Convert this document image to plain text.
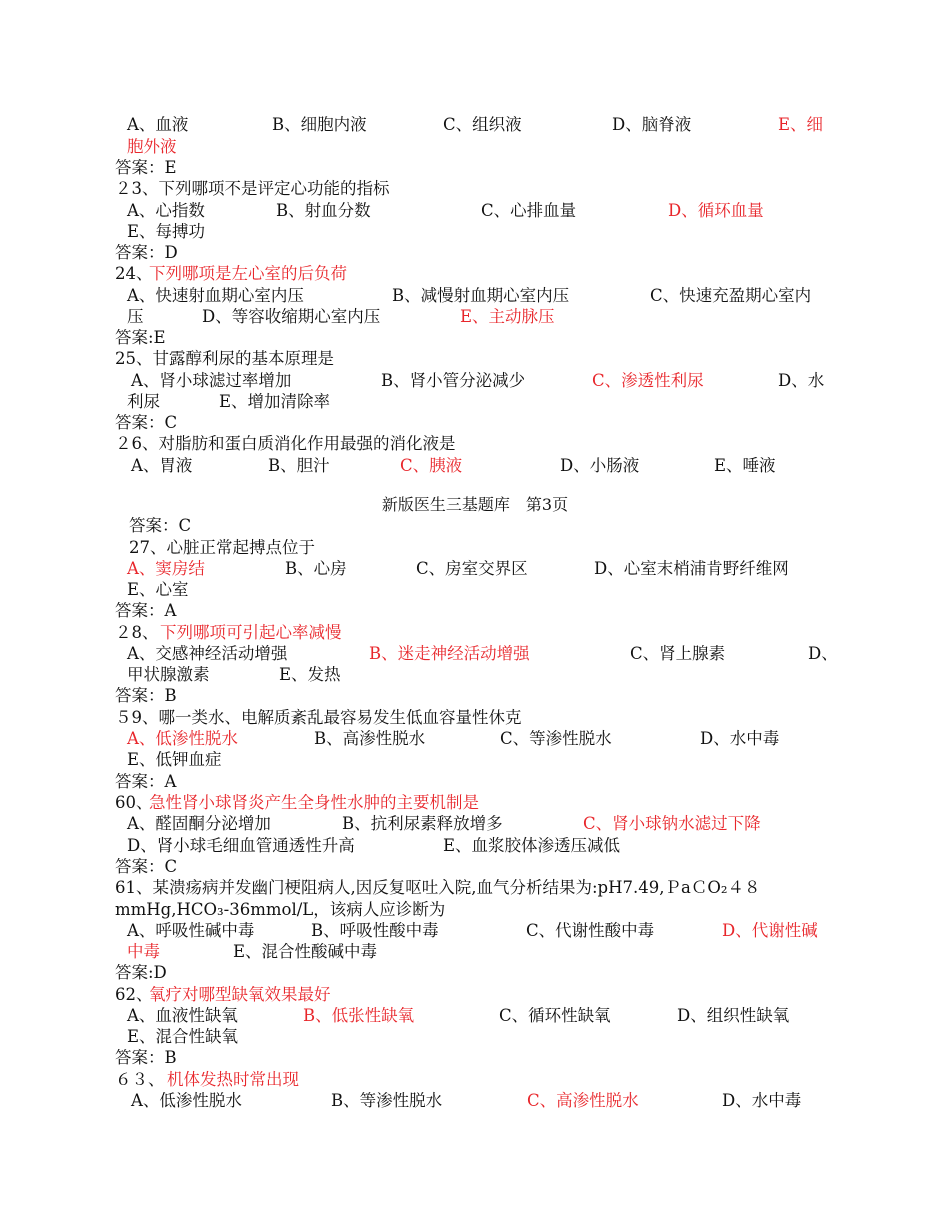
A、血液	B、细胞内液	C、组织液	D、脑脊液	E、细
胞外液
答案：E
２3、下列哪项不是评定心功能的指标
A、心指数	B、射血分数	C、心排血量	D、循环血量
E、每搏功
答案：D
24、
下列哪项是左心室的后负荷
A、快速射血期心室内压	B、减慢射血期心室内压	C、快速充盈期心室内
压	D、等容收缩期心室内压	E、主动脉压
答案:E
25、甘露醇利尿的基本原理是
A、肾小球滤过率增加	B、肾小管分泌减少	C、渗透性利尿	D、水
利尿	E、增加清除率
答案：C
２6、对脂肪和蛋白质消化作用最强的消化液是
A、胃液	B、胆汁	C、胰液	D、小肠液	E、唾液
新版医生三基题库　第3页
答案：C
27、心脏正常起搏点位于
A、窦房结	B、心房	C、房室交界区	D、心室末梢浦肯野纤维网
E、心室
答案：A
２8、 下列哪项可引起心率减慢
A、交感神经活动增强	B、迷走神经活动增强	C、肾上腺素	D、
甲状腺激素	E、发热
答案：B
５9、哪一类水、电解质紊乱最容易发生低血容量性休克
A、低渗性脱水	B、高渗性脱水	C、等渗性脱水	D、水中毒
E、低钾血症
答案：A
60、
急性肾小球肾炎产生全身性水肿的主要机制是
A、醛固酮分泌增加	B、抗利尿素释放增多	C、肾小球钠水滤过下降
D、肾小球毛细血管通透性升高	E、血浆胶体渗透压减低
答案：C
61、某溃疡病并发幽门梗阻病人,因反复呕吐入院,血气分析结果为:pH7.49,ＰaＣO₂４８
mmHg,HCO₃-36mmol/L，该病人应诊断为
A、呼吸性碱中毒	B、呼吸性酸中毒	C、代谢性酸中毒	D、代谢性碱
中毒	E、混合性酸碱中毒
答案:D
62、
氧疗对哪型缺氧效果最好
A、血液性缺氧	B、低张性缺氧	C、循环性缺氧	D、组织性缺氧
E、混合性缺氧
答案：B
６３、 机体发热时常出现
A、低渗性脱水	B、等渗性脱水	C、高渗性脱水	D、水中毒
